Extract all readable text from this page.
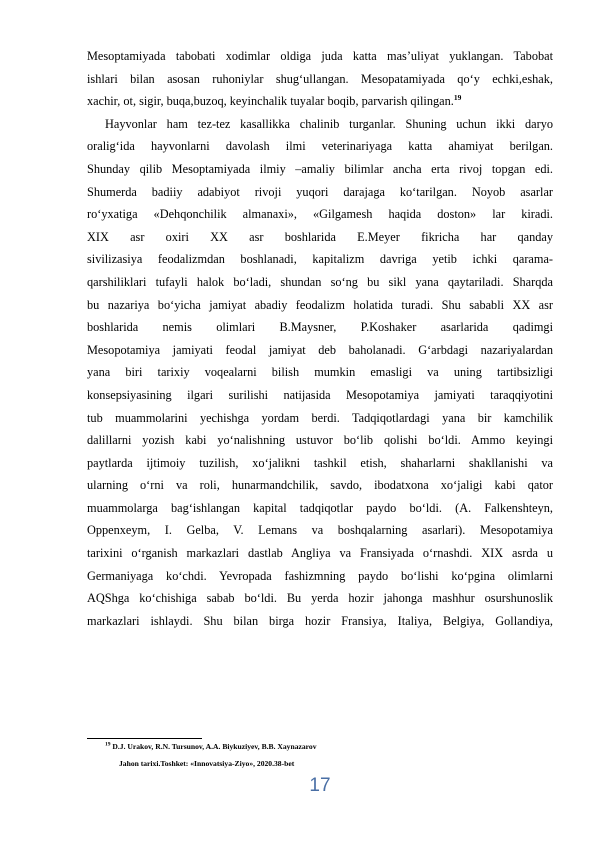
Mesoptamiyada tabobati xodimlar oldiga juda katta mas’uliyat yuklangan. Tabobat
ishlari bilan asosan ruhoniylar shug‘ullangan. Mesopatamiyada qo‘y echki,eshak,
xachir, ot, sigir, buqa,buzoq, keyinchalik tuyalar boqib, parvarish qilingan.$^{19}$
Hayvonlar ham tez-tez kasallikka chalinib turganlar. Shuning uchun ikki daryo
oralig‘ida hayvonlarni davolash ilmi veterinariyaga katta ahamiyat berilgan.
Shunday qilib Mesoptamiyada ilmiy –amaliy bilimlar ancha erta rivoj topgan edi.
Shumerda badiiy adabiyot rivoji yuqori darajaga ko‘tarilgan. Noyob asarlar
ro‘yxatiga «Dehqonchilik almanaxi», «Gilgamesh haqida doston» lar kiradi.
XIX asr oxiri XX asr boshlarida E.Meyer fikricha har qanday
sivilizasiya feodalizmdan boshlanadi, kapitalizm davriga yetib ichki qarama-
qarshiliklari tufayli halok bo‘ladi, shundan so‘ng bu sikl yana qaytariladi. Sharqda
bu nazariya bo‘yicha jamiyat abadiy feodalizm holatida turadi. Shu sababli XX asr
boshlarida nemis olimlari B.Maysner, P.Koshaker asarlarida qadimgi
Mesopotamiya jamiyati feodal jamiyat deb baholanadi. G‘arbdagi nazariyalardan
yana biri tarixiy voqealarni bilish mumkin emasligi va uning tartibsizligi
konsepsiyasining ilgari surilishi natijasida Mesopotamiya jamiyati taraqqiyotini
tub muammolarini yechishga yordam berdi. Tadqiqotlardagi yana bir kamchilik
dalillarni yozish kabi yo‘nalishning ustuvor bo‘lib qolishi bo‘ldi. Ammo keyingi
paytlarda ijtimoiy tuzilish, xo‘jalikni tashkil etish, shaharlarni shakllanishi va
ularning o‘rni va roli, hunarmandchilik, savdo, ibodatxona xo‘jaligi kabi qator
muammolarga bag‘ishlangan kapital tadqiqotlar paydo bo‘ldi. (A. Falkenshteyn,
Oppenxeym, I. Gelba, V. Lemans va boshqalarning asarlari). Mesopotamiya
tarixini o‘rganish markazlari dastlab Angliya va Fransiyada o‘rnashdi. XIX asrda u
Germaniyaga ko‘chdi. Yevropada fashizmning paydo bo‘lishi ko‘pgina olimlarni
AQShga ko‘chishiga sabab bo‘ldi. Bu yerda hozir jahonga mashhur osurshunoslik
markazlari ishlaydi. Shu bilan birga hozir Fransiya, Italiya, Belgiya, Gollandiya,
$^{19}$ D.J. Urakov, R.N. Tursunov, A.A. Biykuziyev, B.B. Xaynazarov
Jahon tarixi.Toshket: «Innovatsiya-Ziyo», 2020.38-bet
17
